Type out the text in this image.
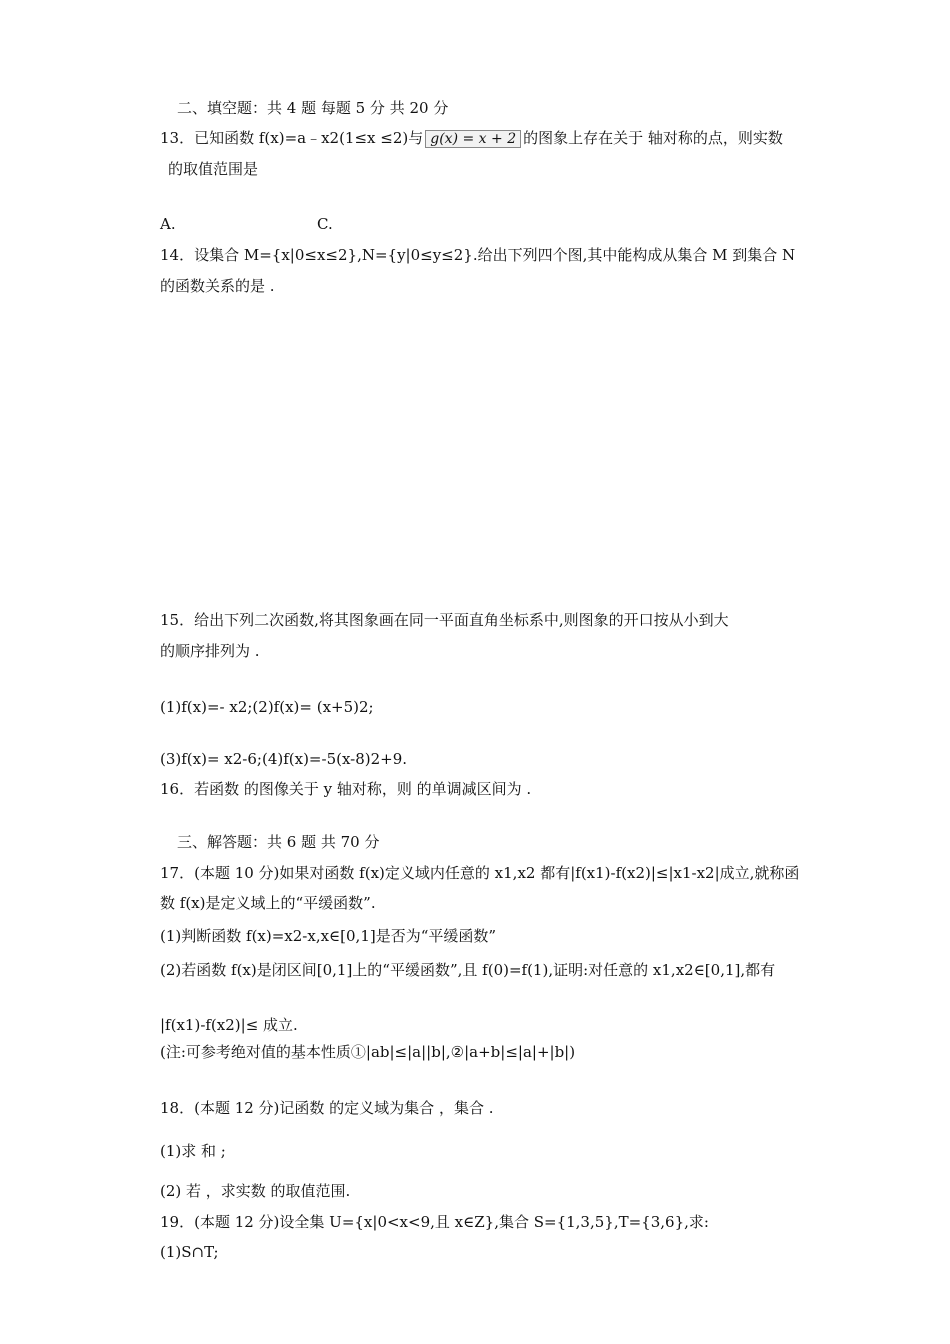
二、填空题：共 4 题 每题 5 分 共 20 分
13．已知函数 f(x)=a﹣x2(1≤x ≤2)与 g(x) = x + 2 的图象上存在关于 轴对称的点，则实数
的取值范围是
A.	C.
14．设集合 M={x|0≤x≤2},N={y|0≤y≤2}.给出下列四个图,其中能构成从集合 M 到集合 N
的函数关系的是 .
15．给出下列二次函数,将其图象画在同一平面直角坐标系中,则图象的开口按从小到大
的顺序排列为 .
(1)f(x)=- x2;(2)f(x)= (x+5)2;
(3)f(x)= x2-6;(4)f(x)=-5(x-8)2+9.
16．若函数 的图像关于 y 轴对称，则 的单调减区间为 .
三、解答题：共 6 题 共 70 分
17．(本题 10 分)如果对函数 f(x)定义域内任意的 x1,x2 都有|f(x1)-f(x2)|≤|x1-x2|成立,就称函
数 f(x)是定义域上的“平缓函数”.
(1)判断函数 f(x)=x2-x,x∈[0,1]是否为“平缓函数”
(2)若函数 f(x)是闭区间[0,1]上的“平缓函数”,且 f(0)=f(1),证明:对任意的 x1,x2∈[0,1],都有
|f(x1)-f(x2)|≤ 成立.
(注:可参考绝对值的基本性质①|ab|≤|a||b|,②|a+b|≤|a|+|b|)
18．(本题 12 分)记函数 的定义域为集合 ，集合 .
(1)求 和 ;
(2) 若 ，求实数 的取值范围.
19．(本题 12 分)设全集 U={x|0<x<9,且 x∈Z},集合 S={1,3,5},T={3,6},求:
(1)S∩T;
